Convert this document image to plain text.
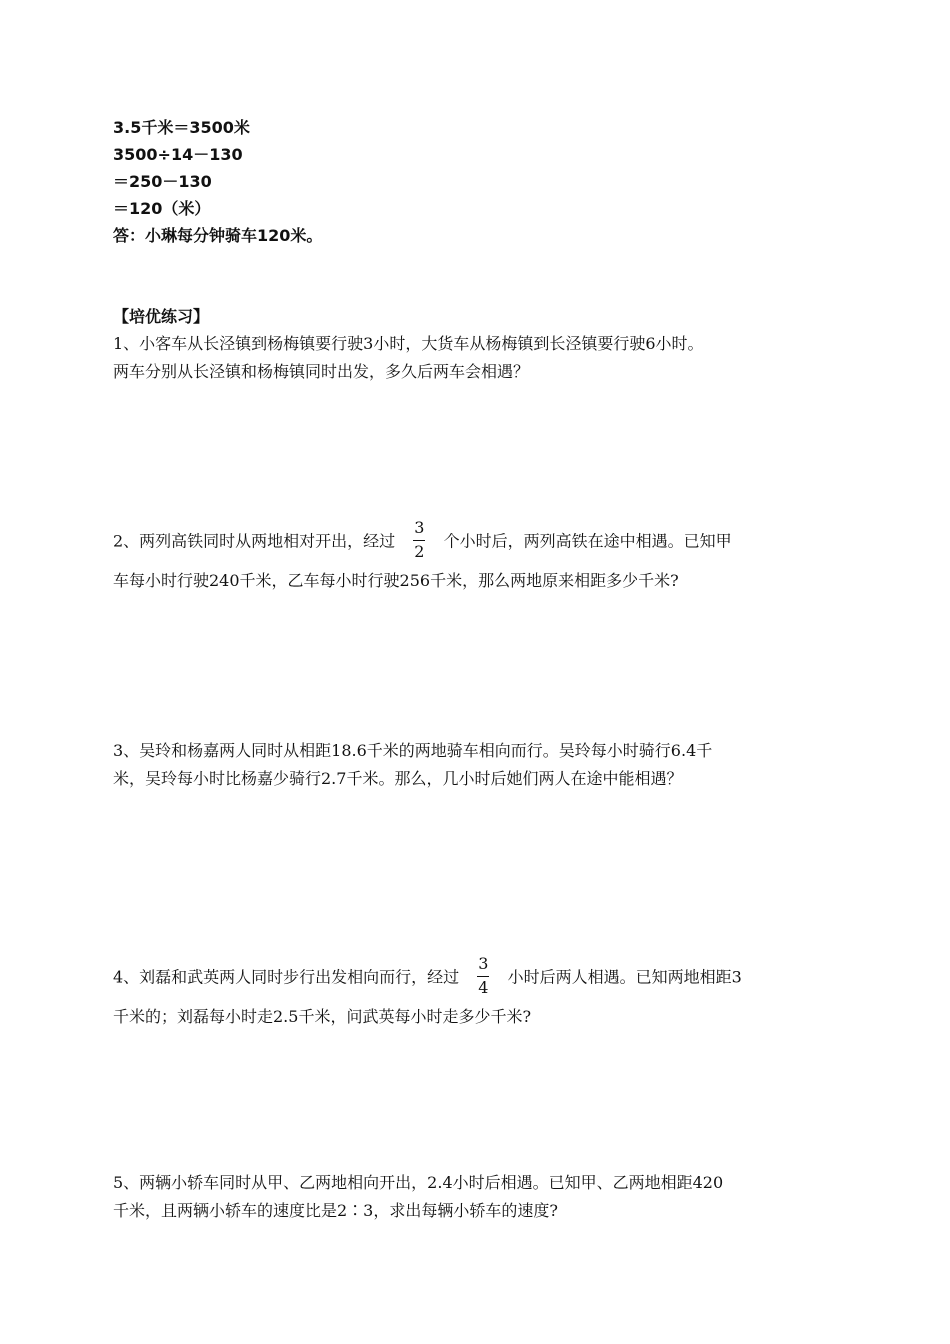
3.5千米＝3500米
3500÷14－130
＝250－130
＝120（米）
答：小琳每分钟骑车120米。
【培优练习】
1、小客车从长泾镇到杨梅镇要行驶3小时，大货车从杨梅镇到长泾镇要行驶6小时。
两车分别从长泾镇和杨梅镇同时出发，多久后两车会相遇？
2、两列高铁同时从两地相对开出，经过 $\frac{3}{2}$ 个小时后，两列高铁在途中相遇。已知甲
车每小时行驶240千米，乙车每小时行驶256千米，那么两地原来相距多少千米?
3、吴玲和杨嘉两人同时从相距18.6千米的两地骑车相向而行。吴玲每小时骑行6.4千
米，吴玲每小时比杨嘉少骑行2.7千米。那么，几小时后她们两人在途中能相遇？
4、刘磊和武英两人同时步行出发相向而行，经过 $\frac{3}{4}$ 小时后两人相遇。已知两地相距3
千米的；刘磊每小时走2.5千米，问武英每小时走多少千米?
5、两辆小轿车同时从甲、乙两地相向开出，2.4小时后相遇。已知甲、乙两地相距420
千米，且两辆小轿车的速度比是2∶3，求出每辆小轿车的速度?
